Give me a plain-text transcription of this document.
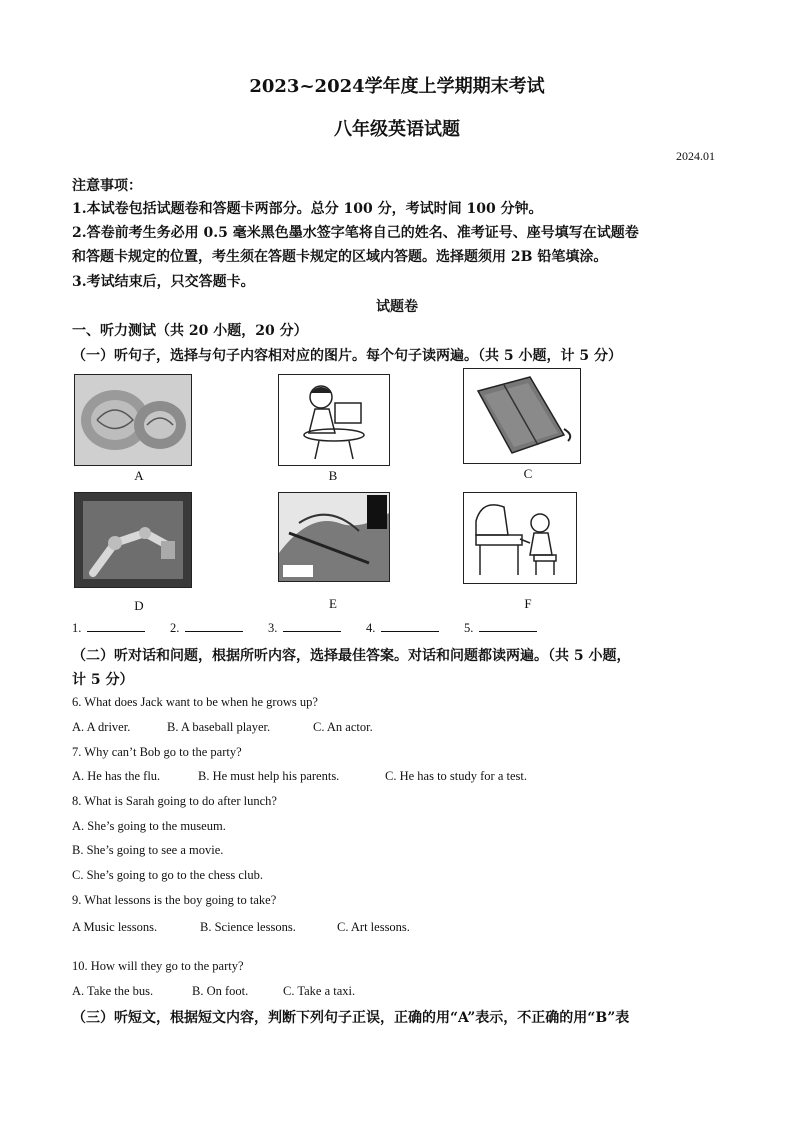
2023~2024学年度上学期期末考试
八年级英语试题
2024.01
注意事项：
1.本试卷包括试题卷和答题卡两部分。总分 100 分，考试时间 100 分钟。
2.答卷前考生务必用 0.5 毫米黑色墨水签字笔将自己的姓名、准考证号、座号填写在试题卷
和答题卡规定的位置，考生须在答题卡规定的区域内答题。选择题须用 2B 铅笔填涂。
3.考试结束后，只交答题卡。
试题卷
一、听力测试（共 20 小题，20 分）
（一）听句子，选择与句子内容相对应的图片。每个句子读两遍。（共 5 小题，计 5 分）
A	B	C
D	E	F
1.	2.	3.	4.	5.
（二）听对话和问题，根据所听内容，选择最佳答案。对话和问题都读两遍。（共 5 小题，
计 5 分）
6. What does Jack want to be when he grows up?
A. A driver.	B. A baseball player.	C. An actor.
7. Why can’t Bob go to the party?
A. He has the flu.	B. He must help his parents.	C. He has to study for a test.
8. What is Sarah going to do after lunch?
A. She’s going to the museum.
B. She’s going to see a movie.
C. She’s going to go to the chess club.
9. What lessons is the boy going to take?
A Music lessons.	B. Science lessons.	C. Art lessons.
10. How will they go to the party?
A. Take the bus.	B. On foot.	C. Take a taxi.
（三）听短文，根据短文内容，判断下列句子正误，正确的用“A”表示，不正确的用“B”表
